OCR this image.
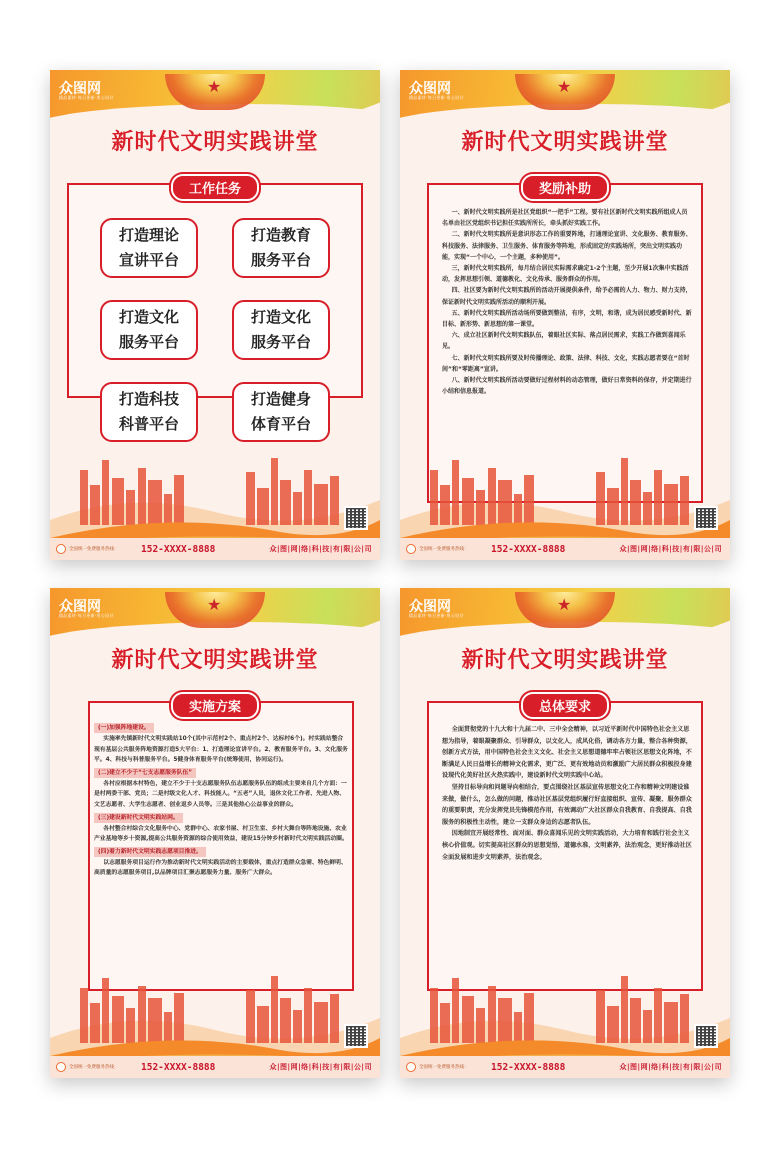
★
众图网
精品素材·每日更新·用心设计
新时代文明实践讲堂
工作任务
打造理论
宣讲平台
打造教育
服务平台
打造文化
服务平台
打造文化
服务平台
打造科技
科普平台
打造健身
体育平台
全国统一免费服务热线：	152-XXXX-8888	众|图|网|络|科|技|有|限|公|司
★
众图网
精品素材·每日更新·用心设计
新时代文明实践讲堂
奖励补助

一、新时代文明实践所是社区党组织“一把手”工程。要有社区新时代文明实践所组成人员名单由社区党组织书记担任实践所所长，牵头抓好实践工作。

二、新时代文明实践所是意识形态工作的重要阵地，打通理论宣讲、文化服务、教育服务、科技服务、法律服务、卫生服务、体育服务等阵地，形成固定的实践场所，突出文明实践功能，实现“一个中心，一个主题，多种使用”。

三，新时代文明实践所，每月结合居民实际需求确定1-2个主题，至少开展1次集中实践活动，发挥思想引领、道德教化、文化传承、服务群众的作用。

四、社区要为新时代文明实践所的活动开展提供条件，给予必需的人力、物力、财力支持，保证新时代文明实践所活动的顺利开展。

五、新时代文明实践所活动场所要做到整洁，有序，文明，和谐，成为居民感受新时代、新目标、新形势、新思想的第一课堂。

六、成立社区新时代文明实践队伍，着眼社区实际、落点居民需求，实践工作做到喜闻乐见。

七、新时代文明实践所要及时传播理论、政策、法律、科技、文化，实践志愿者要在“首时间”和“零距离”宣讲。

八、新时代文明实践所活动要做好过程材料的动态管理，做好日常资料的保存，并定期进行小结和信息报道。

全国统一免费服务热线：	152-XXXX-8888	众|图|网|络|科|技|有|限|公|司
★
众图网
精品素材·每日更新·用心设计
新时代文明实践讲堂
实施方案
(一)加强阵地建设。

实施率先镇新时代文明实践站10个(其中示范村2个、重点村2个、达标村6个)。村实践站整合现有基层公共服务阵地资源打造5大平台：1、打造理论宣讲平台。2、教育服务平台。3、文化服务平。4、科技与科普服务平台。5健身体育服务平台(统筹使用，协同运行)。

(二)建立不少于“七支志愿服务队伍”

各村应根据本村特色，建立不少于十支志愿服务队伍志愿服务队伍的组成主要来自几个方面：一是村两委干部、党员；二是村级文化人才、科技能人。“五老”人员，退休文化工作者、先进人物、文艺志愿者、大学生志愿者、创业返乡人员等。三是其他热心公益事业的群众。

(三)建设新时代文明实践站网。

各村整合村综合文化服务中心、党群中心、农家书屋、村卫生室、乡村大舞台等阵地设施、农业产业基地等乡十资源,提高公共服务资源的综合使用效益，建设15分钟乡村新时代文明实践活动圈。

(四)着力新时代文明实践志愿项目推进。

以志愿服务项目运行作为推动新时代文明实践活动的主要载体，重点打造群众急需、特色鲜明、高质量的志愿服务项目,以品牌项目汇聚志愿服务力量、服务广大群众。

全国统一免费服务热线：	152-XXXX-8888	众|图|网|络|科|技|有|限|公|司
★
众图网
精品素材·每日更新·用心设计
新时代文明实践讲堂
总体要求

全面贯彻党的十九大和十九届二中、三中全会精神，以习近平新时代中国特色社会主义思想为指导，着眼凝聚群众、引导群众，以文化人，成风化俗，调动各方力量，整合各种资源，创新方式方法，用中国特色社会主义文化、社会主义思想道德牢牢占领社区思想文化阵地，不断满足人民日益增长的精神文化需求，更广泛、更有效地动员和激励广大居民群众积极投身建设现代化美好社区火热实践中，建设新时代文明实践中心站。

坚持目标导向和问题导向相结合，要点围绕社区基层宣传思想文化工作和精神文明建设谁来做，做什么，怎么做的问题，推动社区基层党组织履行好直接组织、宣传、凝聚、服务群众的重要职责，充分发挥党员先锋模范作用，有效调动广大社区群众自我教育、自我提高、自我服务的积极性主动性，建立一支群众身边的志愿者队伍。

因地制宜开展经常性、面对面、群众喜闻乐见的文明实践活动，大力培育和践行社会主义核心价值观。切实提高社区群众的思想觉悟，道德水准，文明素养，法治观念，更好推动社区全面发展和进步文明素养，法治观念。

全国统一免费服务热线：	152-XXXX-8888	众|图|网|络|科|技|有|限|公|司
